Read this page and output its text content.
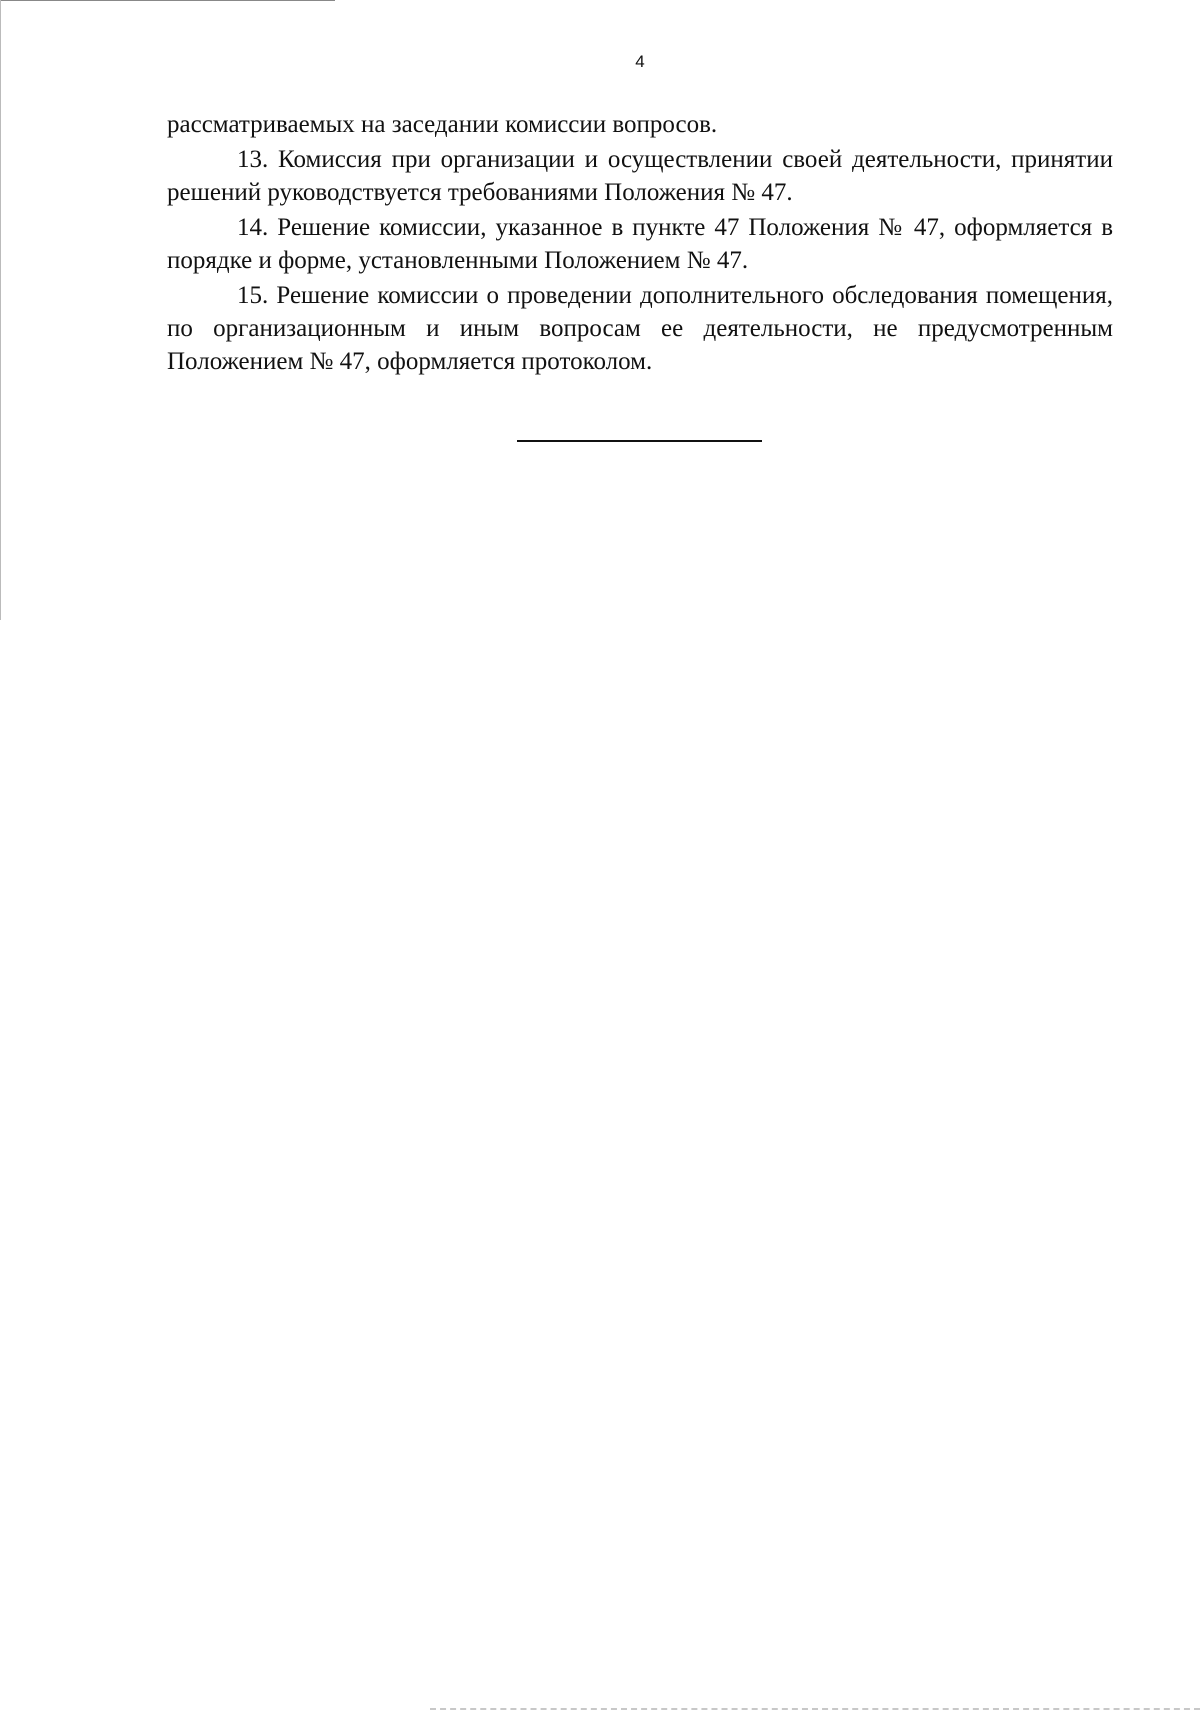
4

рассматриваемых на заседании комиссии вопросов.

13. Комиссия при организации и осуществлении своей деятельности, принятии решений руководствуется требованиями Положения № 47.

14. Решение комиссии, указанное в пункте 47 Положения № 47, оформляется в порядке и форме, установленными Положением № 47.

15. Решение комиссии о проведении дополнительного обследования помещения, по организационным и иным вопросам ее деятельности, не предусмотренным Положением № 47, оформляется протоколом.
